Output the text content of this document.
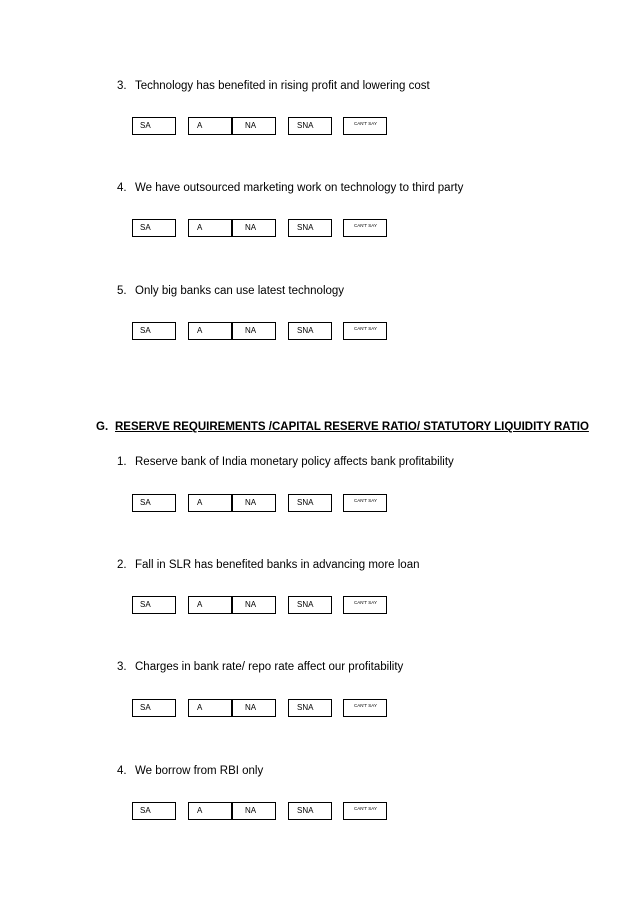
3. Technology has benefited in rising profit and lowering cost
SA	A	NA	SNA	CAN'T SAY
4. We have outsourced marketing work on technology to third party
SA	A	NA	SNA	CAN'T SAY
5. Only big banks can use latest technology
SA	A	NA	SNA	CAN'T SAY
G. RESERVE REQUIREMENTS /CAPITAL RESERVE RATIO/ STATUTORY LIQUIDITY RATIO
1. Reserve bank of India monetary policy affects bank profitability
SA	A	NA	SNA	CAN'T SAY
2. Fall in SLR has benefited banks in advancing more loan
SA	A	NA	SNA	CAN'T SAY
3. Charges in bank rate/ repo rate affect our profitability
SA	A	NA	SNA	CAN'T SAY
4. We borrow from RBI only
SA	A	NA	SNA	CAN'T SAY
